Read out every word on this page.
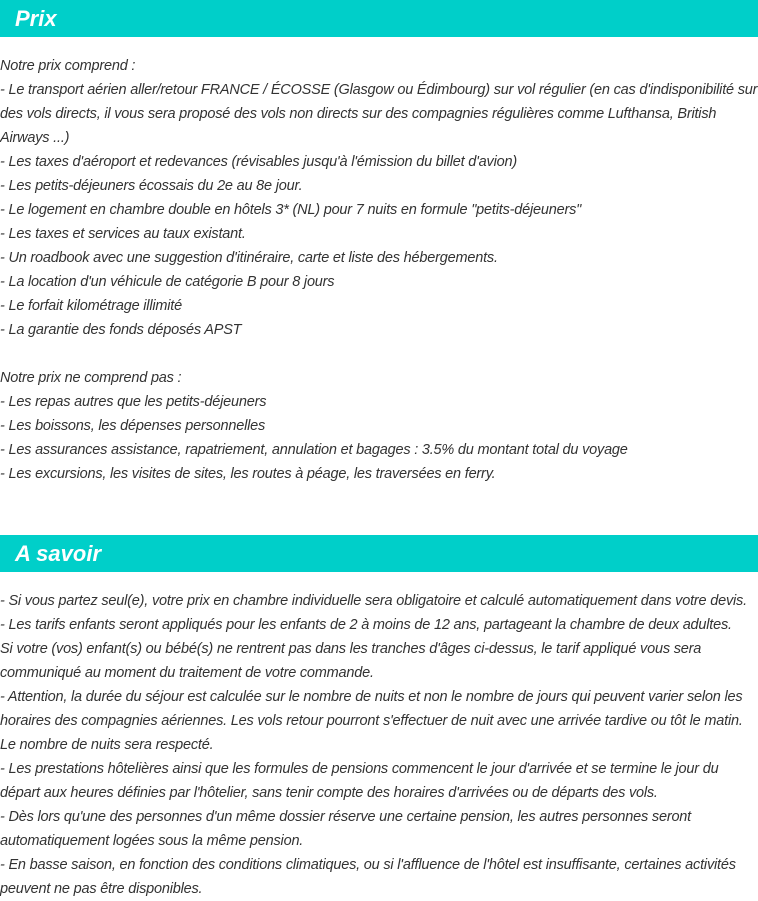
Prix

Notre prix comprend :

- Le transport aérien aller/retour FRANCE / ÉCOSSE (Glasgow ou Édimbourg) sur vol régulier (en cas d'indisponibilité sur des vols directs, il vous sera proposé des vols non directs sur des compagnies régulières comme Lufthansa, British Airways ...)

- Les taxes d'aéroport et redevances (révisables jusqu'à l'émission du billet d'avion)

- Les petits-déjeuners écossais du 2e au 8e jour.

- Le logement en chambre double en hôtels 3* (NL) pour 7 nuits en formule "petits-déjeuners"

- Les taxes et services au taux existant.

- Un roadbook avec une suggestion d'itinéraire, carte et liste des hébergements.

- La location d'un véhicule de catégorie B pour 8 jours

- Le forfait kilométrage illimité

- La garantie des fonds déposés APST

Notre prix ne comprend pas :

- Les repas autres que les petits-déjeuners

- Les boissons, les dépenses personnelles

- Les assurances assistance, rapatriement, annulation et bagages : 3.5% du montant total du voyage

- Les excursions, les visites de sites, les routes à péage, les traversées en ferry.

A savoir

- Si vous partez seul(e), votre prix en chambre individuelle sera obligatoire et calculé automatiquement dans votre devis.

- Les tarifs enfants seront appliqués pour les enfants de 2 à moins de 12 ans, partageant la chambre de deux adultes.

Si votre (vos) enfant(s) ou bébé(s) ne rentrent pas dans les tranches d'âges ci-dessus, le tarif appliqué vous sera communiqué au moment du traitement de votre commande.

- Attention, la durée du séjour est calculée sur le nombre de nuits et non le nombre de jours qui peuvent varier selon les horaires des compagnies aériennes. Les vols retour pourront s'effectuer de nuit avec une arrivée tardive ou tôt le matin. Le nombre de nuits sera respecté.

- Les prestations hôtelières ainsi que les formules de pensions commencent le jour d'arrivée et se termine le jour du départ aux heures définies par l'hôtelier, sans tenir compte des horaires d'arrivées ou de départs des vols.

- Dès lors qu'une des personnes d'un même dossier réserve une certaine pension, les autres personnes seront automatiquement logées sous la même pension.

- En basse saison, en fonction des conditions climatiques, ou si l'affluence de l'hôtel est insuffisante, certaines activités peuvent ne pas être disponibles.
